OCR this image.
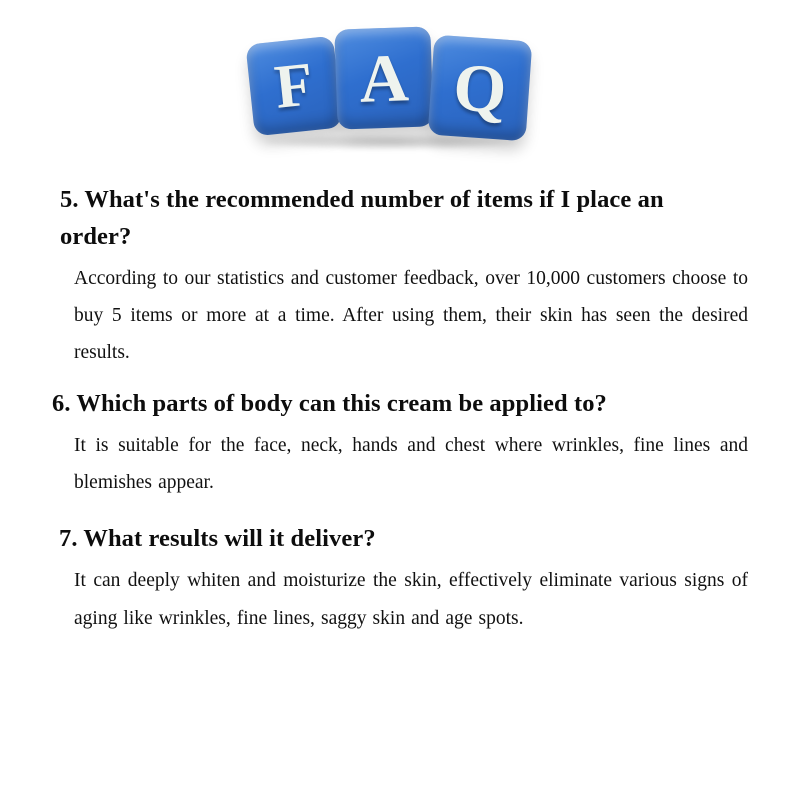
F A Q

5. What's the recommended number of items if I place an order?

According to our statistics and customer feedback, over 10,000 customers choose to buy 5 items or more at a time. After using them, their skin has seen the desired results.

6. Which parts of body can this cream be applied to?

It is suitable for the face, neck, hands and chest where wrinkles, fine lines and blemishes appear.

7. What results will it deliver?

It can deeply whiten and moisturize the skin, effectively eliminate various signs of aging like wrinkles, fine lines, saggy skin and age spots.
